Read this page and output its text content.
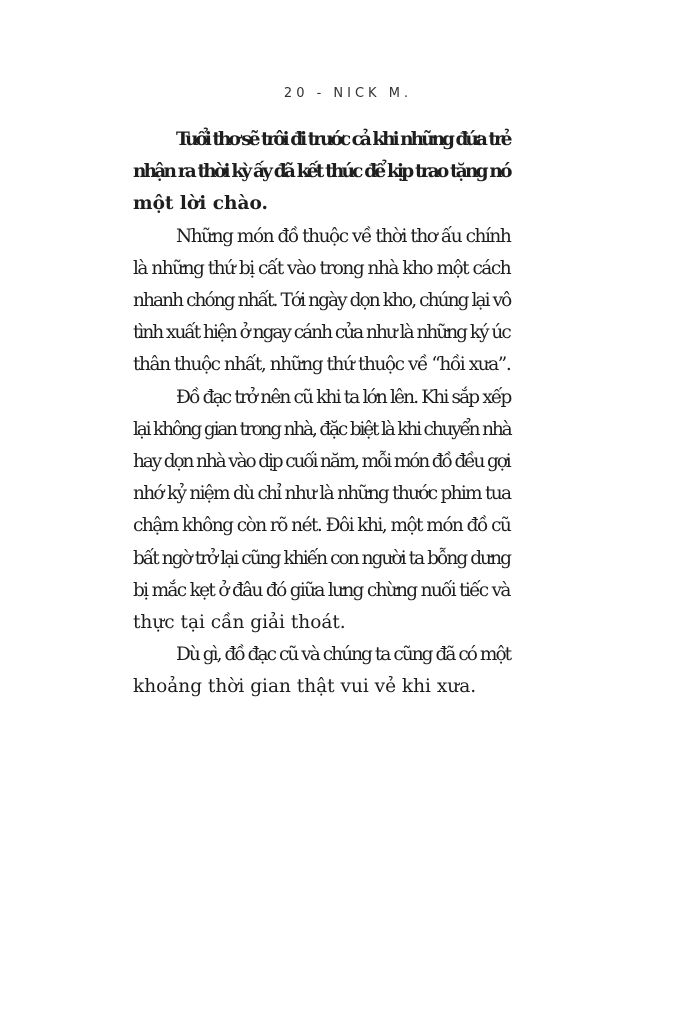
20 - NICK M.

Tuổi thơ sẽ trôi đi trước cả khi những đứa trẻ
nhận ra thời kỳ ấy đã kết thúc để kịp trao tặng nó
một lời chào.

Những món đồ thuộc về thời thơ ấu chính
là những thứ bị cất vào trong nhà kho một cách
nhanh chóng nhất. Tới ngày dọn kho, chúng lại vô
tình xuất hiện ở ngay cánh cửa như là những ký úc
thân thuộc nhất, những thứ thuộc về “hồi xưa”.

Đồ đạc trở nên cũ khi ta lớn lên. Khi sắp xếp
lại không gian trong nhà, đặc biệt là khi chuyển nhà
hay dọn nhà vào dịp cuối năm, mỗi món đồ đều gợi
nhớ kỷ niệm dù chỉ như là những thước phim tua
chậm không còn rõ nét. Đôi khi, một món đồ cũ
bất ngờ trở lại cũng khiến con người ta bỗng dưng
bị mắc kẹt ở đâu đó giữa lưng chừng nuối tiếc và
thực tại cần giải thoát.

Dù gì, đồ đạc cũ và chúng ta cũng đã có một
khoảng thời gian thật vui vẻ khi xưa.
